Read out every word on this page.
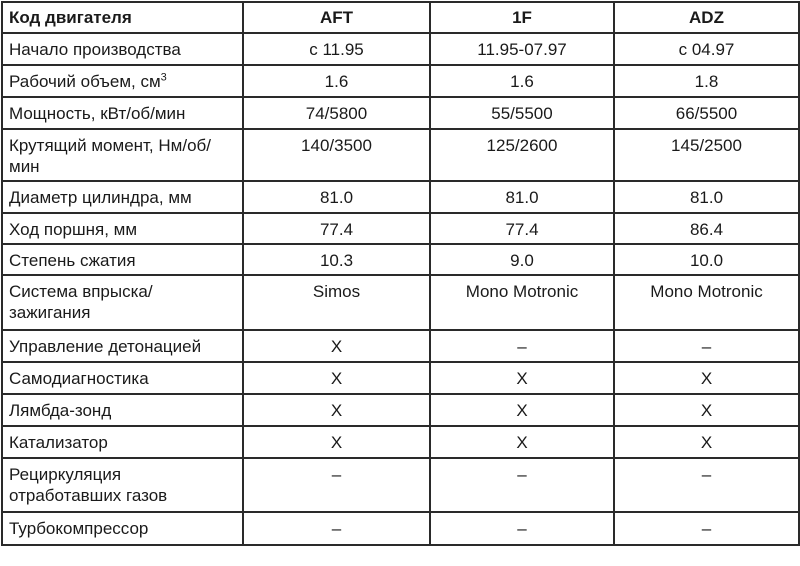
Код двигателя	AFT	1F	ADZ
Начало производства	с 11.95	11.95-07.97	с 04.97
Рабочий объем, $см^3$	1.6	1.6	1.8
Мощность, кВт/об/мин	74/5800	55/5500	66/5500
Крутящий момент, Нм/об/мин	140/3500	125/2600	145/2500
Диаметр цилиндра, мм	81.0	81.0	81.0
Ход поршня, мм	77.4	77.4	86.4
Степень сжатия	10.3	9.0	10.0
Система впрыска/ зажигания	Simos	Mono Motronic	Mono Motronic
Управление детонацией	X	–	–
Самодиагностика	X	X	X
Лямбда-зонд	X	X	X
Катализатор	X	X	X
Рециркуляция отработавших газов	–	–	–
Турбокомпрессор	–	–	–
